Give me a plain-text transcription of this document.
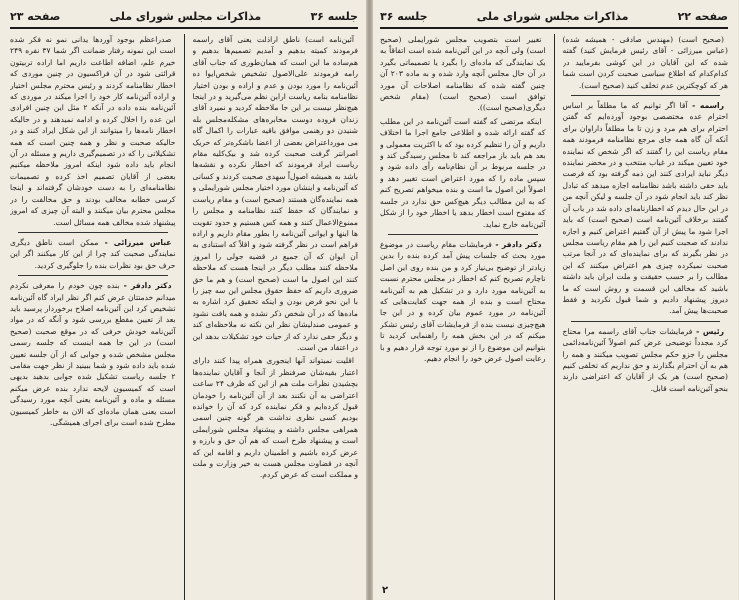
جلسه ۳۶
مذاکرات مجلس شورای ملی
صفحه ۲۳

آئین‌نامه است) ناطق اراذلت یعنی آقای راسمه فرمودند کمیته بدهیم و آمدیم تصمیم‌ها بدهیم و هم‌ساده ما این است که همان‌طوری که جناب آقای رامه فرمودند علی‌الاصول تشخیص شخص‌ایوا ده آئین‌نامه را مورد بودن و عدم و اراده و بودن اختیار نظامنامه بنامه ریاست اراین نظم می‌گیرید و در اینجا هیچ‌نظر نیست بر این جا ملاحظه کردید و نمیرد آقای زندان فروده دوست مخابره‌های مشکله‌مجلس بله شنیدن دو رهنمی موافق باقیه عبارات را اکمال گاه می مورداعتراض بعضی از اعضا باشکره‌تر که حریک اصرانتر گرفت صحبت کرده شد و بیک‌کلیه مقام ریاست ایراد فرمودند که اخطار نکرده و نقشه‌ها باشد به همیشه اصول‌اً سهدی صحبت کردند و کسانی که آئین‌نامه و اینشان مورد اختیار مجلس شورایملی و همه نماینده‌گان هستند (صحیح است) و مقام ریاست و نمایندگان که حفظ کنند نظامنامه و مجلس را ممنوع‌الاعمال کنند و همه کس هستیم و حدود تقویت ها اینها و ایوانی آئین‌نامه را بطور مقام داریم و اراده فراهم است در نظر گرفته شود و اقلاً که استنادی به آن ایوان که آن جمیع در قضیه جولی را امروز ملاحظه کنند مطلب دیگر در اینجا هست که ملاحظه کنند این اصول ما است (صحیح است) و هم ما حق ضروری داریم که حفظ حقوق مجلس این سه چیز را با این نحو فرض بودن و اینکه تحقیق کرد اشاره به ماده‌ها که در آن شخص ذکر نشده و همه یافت نشود و عمومی صندلیشان نظر این نکته نه ملاحظه‌ای کند و دیگر حقی ندارد که از حیات خود تشکیلات بدهد این در اعتقاد من است.

اقلیت نمیتواند آنها اینجوری همراه پیدا کنند دارای اعتبار بقیه‌شان صرفنظر از آنجا و آقایان نماینده‌ها بچشیدن نظرات ملت هم از این که ظرف ۲۴ ساعت اعتراضی به آن نکنند بعد از آن آئین‌نامه را خودمان قبول کرده‌ایم و فکر نماینده کرد که آن را خوانده بودیم کسی نظری نداشت هر گونه چنین اسمی همراهی مجلس داشته و پیشنهاد مجلس شورایملی است و پیشنهاد طرح است که هم آن حق و بارزه و عرض کرده باشیم و اطمینان داریم و اقامه این که آنچه در قضاوت مجلس هست به خیر وزارت و ملت و مملکت است که عرض کردم.

صدراعظم بوجود آوردها یدانی‌ نمو نه فکر شده است این نمونه رفتار ضمانت اگر شما ۳۷ نفره ۲۴۹ خیرم علم، اضافه اطاعت داریم اما اراده تربیتون قرائتی شود در آن فراکسیون در چنین موردی که اخطار نظامنامه کردند و رئیس محترم مجلس اختیار و اراده آئین‌نامه کار خود را اجرا میکند در موردی که آئین‌نامه بنده داده در آنکه ۲ مثل این چنین افرادی این عده را اخلال کرده و ادامه نمیدهند و در حالیکه اخطار نامه‌ها را میتوانند از این شکل ایراد کنند و در حالیکه صحبت و نظر و همه چنین است که همه تشکیلاتی را که در تصمیم‌گیری داریم و مسئله در آن انجام باید داده شود اینکه امروز ملاحظه میکنیم بعضی از آقایان تصمیم اخذ کرده و تصمیمات نظامنامه‌ای را به دست خودشان گرفته‌اند و اینجا کرسی خطابه مخالف بودند و حق مخالفت را در مجلس محترم بیان میکنند و البته آن چیزی که امروز پیشنهاد شده مخالف همه مسائل است.

عباس میرزائی - ممکن است ناطق دیگری نمایندگی صحبت کند چرا از این کار میکنند اگر این حرف حق بود نظرات بنده را جلوگیری کردید.

دکتر دادفر - بنده چون خودم را معرفی نکردم میدانم خدمتتان عرض کنم اگر نظر ایراد گاه آئین‌نامه تشخیص کرد این آئین‌نامه اصلاح‌ برخوردار پرسید باید بعد از تعیین مقطع بررسی شود و آنگه که در مواد آئین‌نامه خودش حرفی که در موقع صحبت (صحیح است) در این جا همه اینست که جلسه رسمی مجلس مشخص شده و جوابی که از آن جلسه تعیین شده باید داده شود و شما ببینید از نظر جهت مقامی ۲ جلسه ریاست تشکیل شده جوابی بدهید بدیهی است که کمیسیون لایحه ندارد بنده عرض میکنم مسئله و ماده و آئین‌نامه یعنی آنچه مورد رسیدگی است یعنی همان ماده‌ای که الان به خاطر کمیسیون مطرح شده است برای اجرای همیشگی.

صفحه ۲۲
مذاکرات مجلس شورای ملی
جلسه ۳۶

(صحیح است) (مهندس صادقی - همیشه شده) (عباس میرزائی - آقای رئیس فرمایش کنید) گفته شده که این آقایان در این کوشی بفرمایید در کدام‌کدام که اطلاع سیاسی صحبت کردن است شما هر که کوچکترین عدم تخلف کنید (صحیح است).

راسمه - آقا اگر توانیم که ما مطلقاً بر اساس احترام عده مختصصی بوجود آورده‌ایم که گفتن احترام برای هم مرد و زن تا ما مطلقاً داراوان برای آنکه آن گاه همه جای مرجع نظامنامه فرمودند همه مقام ریاست این را گفتند که اگر شخص که نماینده خود تعیین میکند در غیاب منتخب و در محضر نماینده دیگر نباید ایرادی کنند این ذمه گرفته بود که فرصت باید حقی داشته باشد نظامنامه اجازه میدهد که تبادل نظر کند باید انجام شود در آن جلسه و لیکن آنچه من در این حال دیدم که اخطارنامه‌ای داده شد در باب آن گفتند برخلاف آئین‌نامه است (صحیح است) که باید اجرا شود ما پیش از آن گفتیم اعتراض کنیم و اجازه ندادند که صحبت کنیم این را هم مقام ریاست مجلس در نظر بگیرند که برای نماینده‌ای که در آنجا مرتب صحبت نمیکرده چیزی هم اعتراض میکنند که این مطالب را بر حسب حقیقت و ملت ایران باید داشته باشید که مخالف این قسمت و روش است که ما دیروز پیشنهاد دادیم و شما قبول نکردید و فقط صحبت‌ها پیش آمد.

رئیس - فرمایشات جناب آقای راسمه مرا محتاج کرد مجدداً توضیحی عرض کنم اصولاً آئین‌نامه‌دائمی مجلس را جزو حکم مجلس تصویب میکنند و همه را هم به آن احترام بگذارند و حق نداریم که تخلفی کنیم (صحیح است) هر یک از آقایان که اعتراضی دارند بنحو آئین‌نامه است قابل.

تغییر است بتصویب مجلس شورایملی (صحیح است) ولی آنچه در این آئین‌نامه شده است اتفاقاً به یک نمایندگی که ماده‌ای را بگیرد یا تصمیماتی بگیرد در آن حال مجلس آنچه وارد شده و به ماده ۲۰۳ آن چنین گفته شده که نظامنامه اصلاحات آن مورد توافق است (صحیح است) (مقام شخص دیگری(صحیح است)).

اینکه مرتضی که گفته است آئین‌نامه در این مطلب که گفته ارائه شده و اطلاعی جامع اجرا ما اختلاف داریم و آن را تنظیم کرده بود که با اکثریت معمولی و بعد هم باید باز مراجعه کند تا مجلس رسیدگی کند و در جلسه مربوط بر آن نظام‌نامه رأی داده شود و سپس ماده را که مورد اعتراض است تغییر دهد و اصولاً این اصول ما است و بنده میخواهم تصریح کنم که به این مطالب دیگر هیچ‌کس حق ندارد در جلسه که مفتوح است اخطار بدهد یا اخطار خود را از شکل آئین‌نامه خارج نماید.

دکتر دادفر - فرمایشات مقام ریاست در موضوع مورد بحث که جلسات پیش آمد کرده بنده را بدین زیادتر از توضیح بی‌نیاز کرد و من بنده روی این اصل ناچارم تصریح کنم که اخطار در مجلس محترم نسبت به آئین‌نامه مورد دارد و در تشکیل هم به آئین‌نامه محتاج است و بنده از همه جهت کفایت‌هایی که آئین‌نامه در مورد عموم بیان کرده و در این جا هیچ‌چیزی نیست بنده از فرمایشات آقای رئیس تشکر میکنم که در این بخش همه را راهنمایی کردید تا بتوانیم این موضوع را از نو مورد توجه قرار دهیم و با رعایت اصول عرض خود را انجام دهیم.

۲
